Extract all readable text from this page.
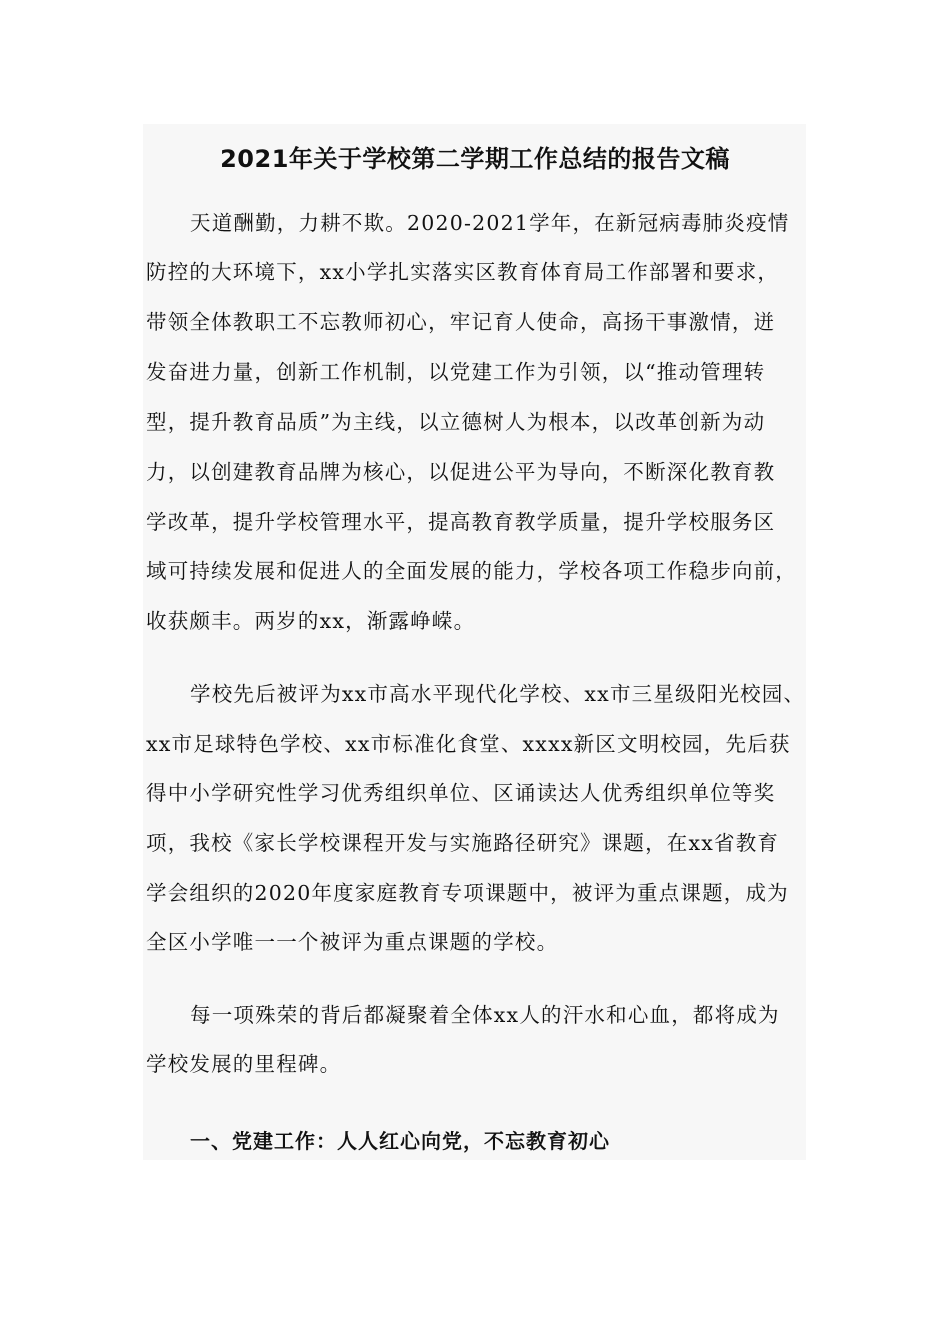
2021年关于学校第二学期工作总结的报告文稿
天道酬勤，力耕不欺。2020-2021学年，在新冠病毒肺炎疫情
防控的大环境下，xx小学扎实落实区教育体育局工作部署和要求，
带领全体教职工不忘教师初心，牢记育人使命，高扬干事激情，迸
发奋进力量，创新工作机制，以党建工作为引领，以“推动管理转
型，提升教育品质”为主线，以立德树人为根本，以改革创新为动
力，以创建教育品牌为核心，以促进公平为导向，不断深化教育教
学改革，提升学校管理水平，提高教育教学质量，提升学校服务区
域可持续发展和促进人的全面发展的能力，学校各项工作稳步向前，
收获颇丰。两岁的xx，渐露峥嵘。
学校先后被评为xx市高水平现代化学校、xx市三星级阳光校园、
xx市足球特色学校、xx市标准化食堂、xxxx新区文明校园，先后获
得中小学研究性学习优秀组织单位、区诵读达人优秀组织单位等奖
项，我校《家长学校课程开发与实施路径研究》课题，在xx省教育
学会组织的2020年度家庭教育专项课题中，被评为重点课题，成为
全区小学唯一一个被评为重点课题的学校。
每一项殊荣的背后都凝聚着全体xx人的汗水和心血，都将成为
学校发展的里程碑。
一、党建工作：人人红心向党，不忘教育初心
